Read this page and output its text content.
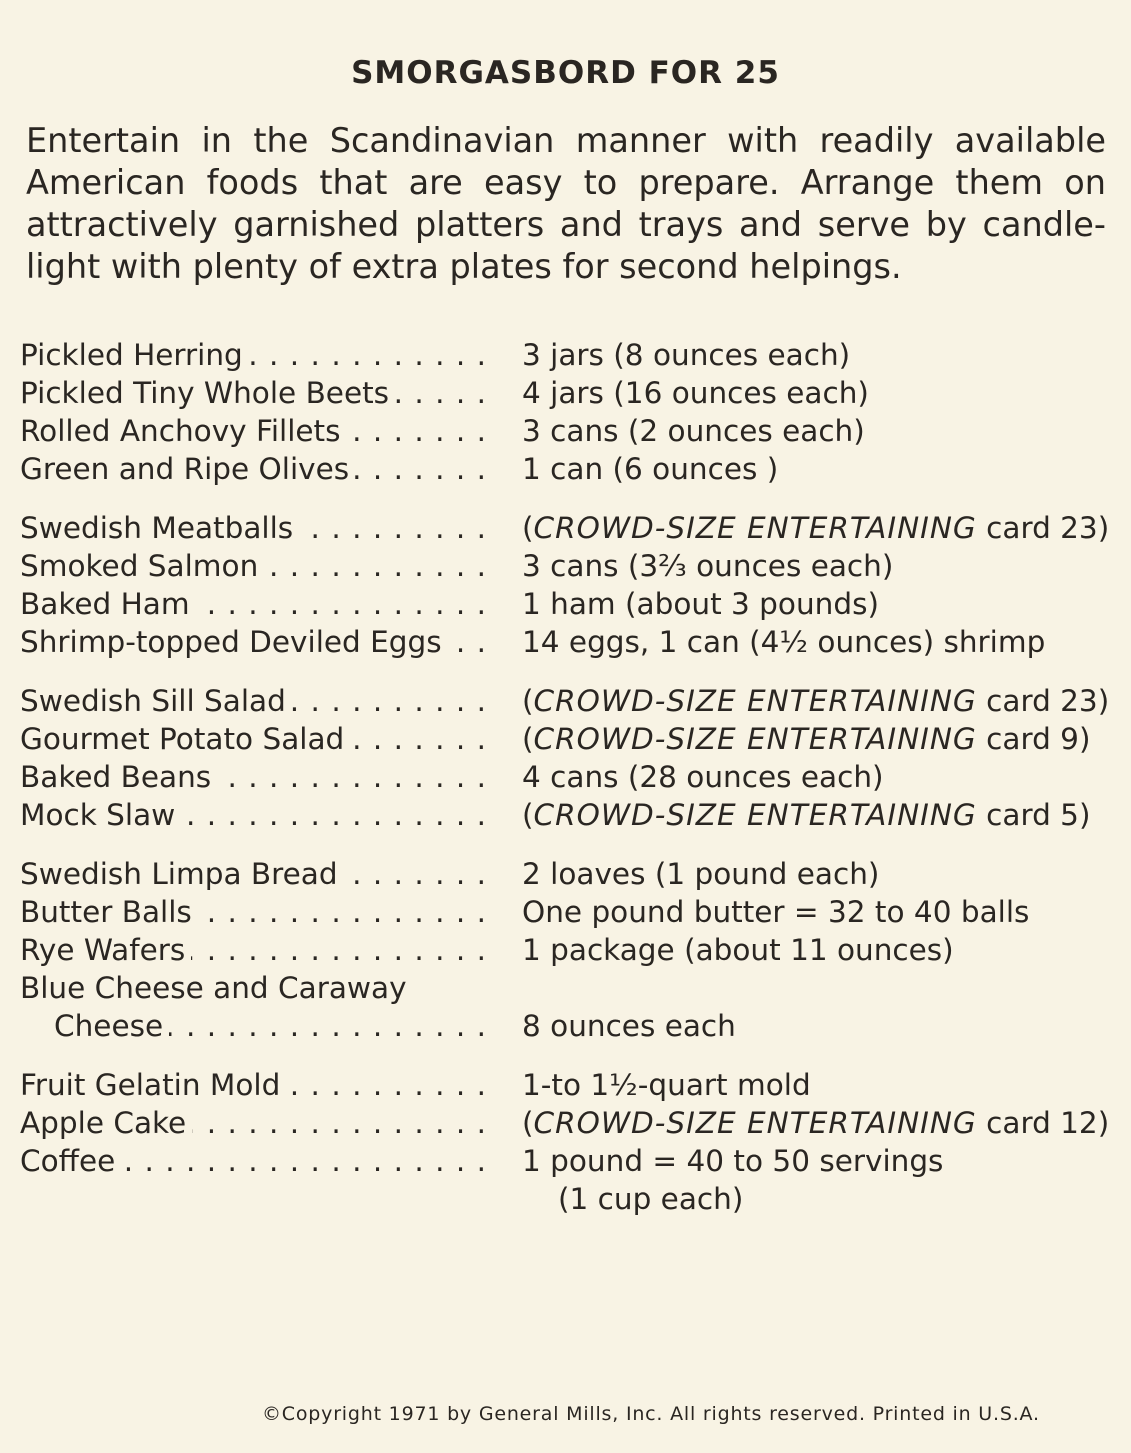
SMORGASBORD FOR 25
Entertain in the Scandinavian manner with readily available American foods that are easy to prepare. Arrange them on attractively garnished platters and trays and serve by candle-light with plenty of extra plates for second helpings.
Pickled Herring . . .	3 jars (8 ounces each)
Pickled Tiny Whole Beets . . .	4 jars (16 ounces each)
Rolled Anchovy Fillets . . .	3 cans (2 ounces each)
Green and Ripe Olives . . .	1 can (6 ounces )
Swedish Meatballs . . .	(CROWD-SIZE ENTERTAINING card 23)
Smoked Salmon . . .	3 cans (3⅔ ounces each)
Baked Ham . . .	1 ham (about 3 pounds)
Shrimp-topped Deviled Eggs . . .	14 eggs, 1 can (4½ ounces) shrimp
Swedish Sill Salad . . .	(CROWD-SIZE ENTERTAINING card 23)
Gourmet Potato Salad . . .	(CROWD-SIZE ENTERTAINING card 9)
Baked Beans . . .	4 cans (28 ounces each)
Mock Slaw . . .	(CROWD-SIZE ENTERTAINING card 5)
Swedish Limpa Bread . . .	2 loaves (1 pound each)
Butter Balls . . .	One pound butter = 32 to 40 balls
Rye Wafers . . .	1 package (about 11 ounces)
Blue Cheese and Caraway
Cheese . . .	8 ounces each
Fruit Gelatin Mold . . .	1-to 1½-quart mold
Apple Cake . . .	(CROWD-SIZE ENTERTAINING card 12)
Coffee . . .	1 pound = 40 to 50 servings
(1 cup each)
©Copyright 1971 by General Mills, Inc. All rights reserved. Printed in U.S.A.
